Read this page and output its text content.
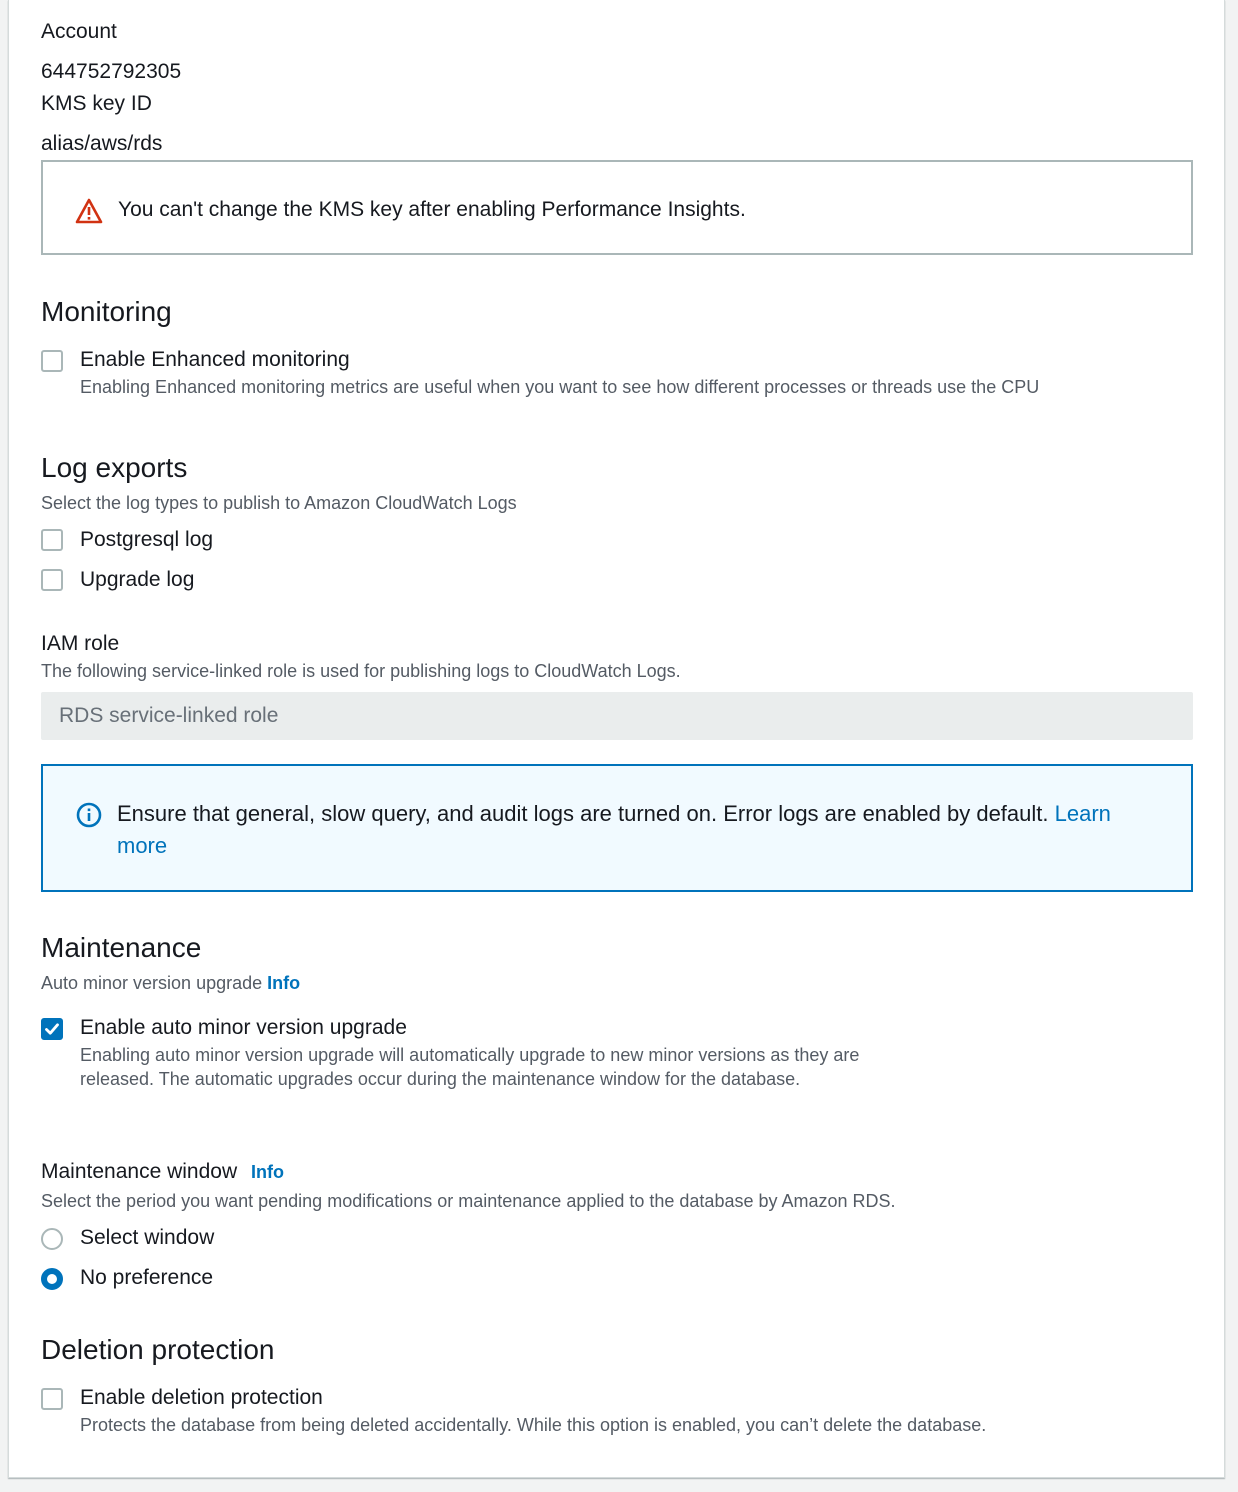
Account
644752792305
KMS key ID
alias/aws/rds
You can't change the KMS key after enabling Performance Insights.
Monitoring
Enable Enhanced monitoring
Enabling Enhanced monitoring metrics are useful when you want to see how different processes or threads use the CPU
Log exports
Select the log types to publish to Amazon CloudWatch Logs
Postgresql log
Upgrade log
IAM role
The following service-linked role is used for publishing logs to CloudWatch Logs.
RDS service-linked role
Ensure that general, slow query, and audit logs are turned on. Error logs are enabled by default. Learn more
Maintenance
Auto minor version upgrade Info
Enable auto minor version upgrade
Enabling auto minor version upgrade will automatically upgrade to new minor versions as they are released. The automatic upgrades occur during the maintenance window for the database.
Maintenance window Info
Select the period you want pending modifications or maintenance applied to the database by Amazon RDS.
Select window
No preference
Deletion protection
Enable deletion protection
Protects the database from being deleted accidentally. While this option is enabled, you can’t delete the database.
